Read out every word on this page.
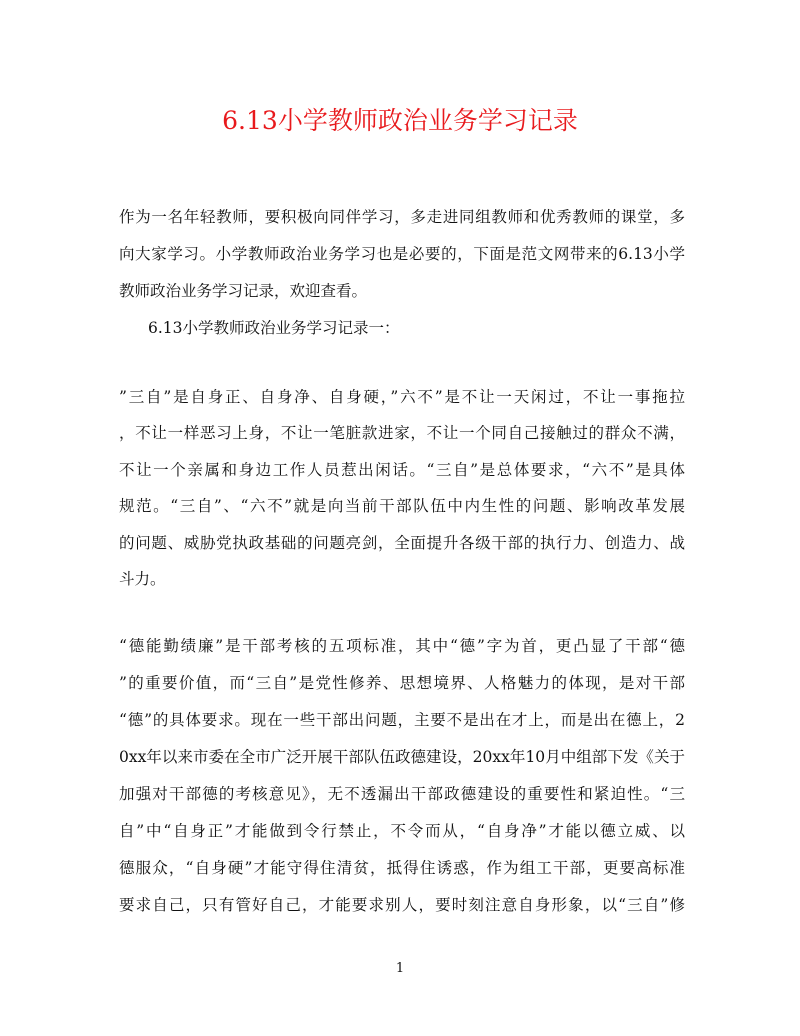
6.13小学教师政治业务学习记录
作为一名年轻教师，要积极向同伴学习，多走进同组教师和优秀教师的课堂，多
向大家学习。小学教师政治业务学习也是必要的，下面是范文网带来的6.13小学
教师政治业务学习记录，欢迎查看。
6.13小学教师政治业务学习记录一：
”三自”是自身正、自身净、自身硬，”六不”是不让一天闲过，不让一事拖拉
，不让一样恶习上身，不让一笔脏款进家，不让一个同自己接触过的群众不满，
不让一个亲属和身边工作人员惹出闲话。“三自”是总体要求，“六不”是具体
规范。“三自”、“六不”就是向当前干部队伍中内生性的问题、影响改革发展
的问题、威胁党执政基础的问题亮剑，全面提升各级干部的执行力、创造力、战
斗力。
“德能勤绩廉”是干部考核的五项标准，其中“德”字为首，更凸显了干部“德
”的重要价值，而“三自”是党性修养、思想境界、人格魅力的体现，是对干部
“德”的具体要求。现在一些干部出问题，主要不是出在才上，而是出在德上，2
0xx年以来市委在全市广泛开展干部队伍政德建设，20xx年10月中组部下发《关于
加强对干部德的考核意见》，无不透漏出干部政德建设的重要性和紧迫性。“三
自”中“自身正”才能做到令行禁止，不令而从，“自身净”才能以德立威、以
德服众，“自身硬”才能守得住清贫，抵得住诱惑，作为组工干部，更要高标准
要求自己，只有管好自己，才能要求别人，要时刻注意自身形象，以“三自”修
1
